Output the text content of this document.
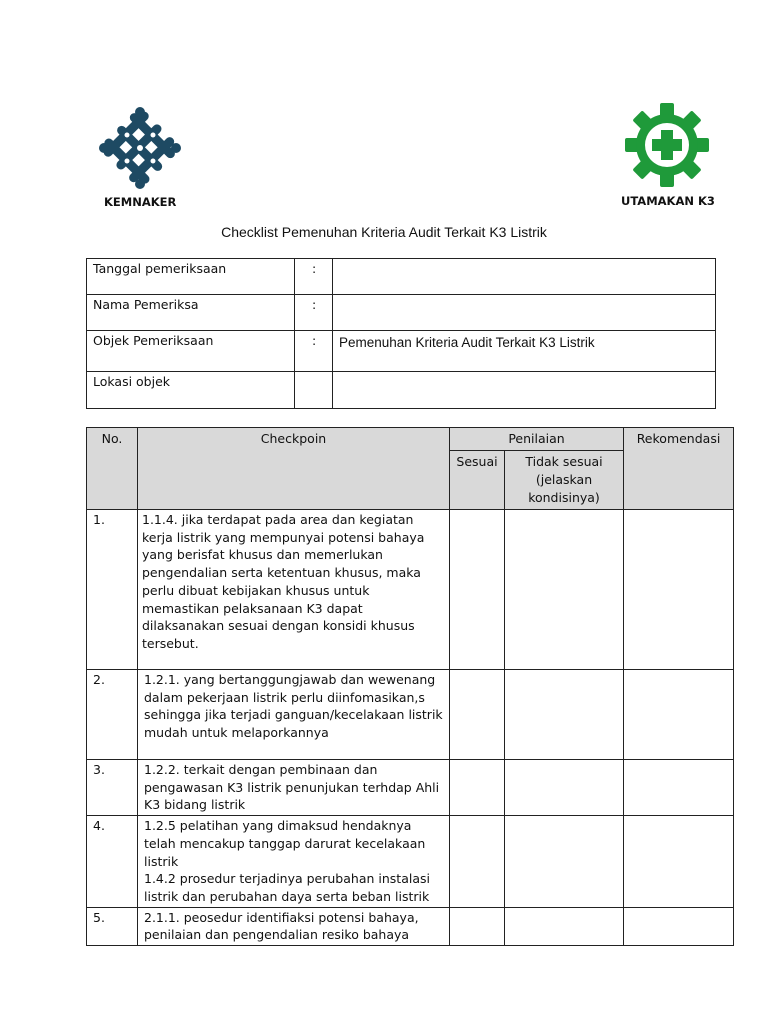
KEMNAKER	UTAMAKAN K3
Checklist Pemenuhan Kriteria Audit Terkait K3 Listrik
Tanggal pemeriksaan	:	
Nama Pemeriksa	:	
Objek Pemeriksaan	:	Pemenuhan Kriteria Audit Terkait K3 Listrik
Lokasi objek		
No.	Checkpoin	Penilaian		Rekomendasi
		Sesuai	Tidak sesuai (jelaskan kondisinya)	
1.	1.1.4. jika terdapat pada area dan kegiatan kerja listrik yang mempunyai potensi bahaya yang berisfat khusus dan memerlukan pengendalian serta ketentuan khusus, maka perlu dibuat kebijakan khusus untuk memastikan pelaksanaan K3 dapat dilaksanakan sesuai dengan konsidi khusus tersebut.			
2.	1.2.1. yang bertanggungjawab dan wewenang dalam pekerjaan listrik perlu diinfomasikan,s sehingga jika terjadi ganguan/kecelakaan listrik mudah untuk melaporkannya			
3.	1.2.2. terkait dengan pembinaan dan pengawasan K3 listrik penunjukan terhdap Ahli K3 bidang listrik			
4.	1.2.5 pelatihan yang dimaksud hendaknya telah mencakup tanggap darurat kecelakaan listrik
1.4.2 prosedur terjadinya perubahan instalasi listrik dan perubahan daya serta beban listrik			

5.	2.1.1. peosedur identifiaksi potensi bahaya, penilaian dan pengendalian resiko bahaya			
